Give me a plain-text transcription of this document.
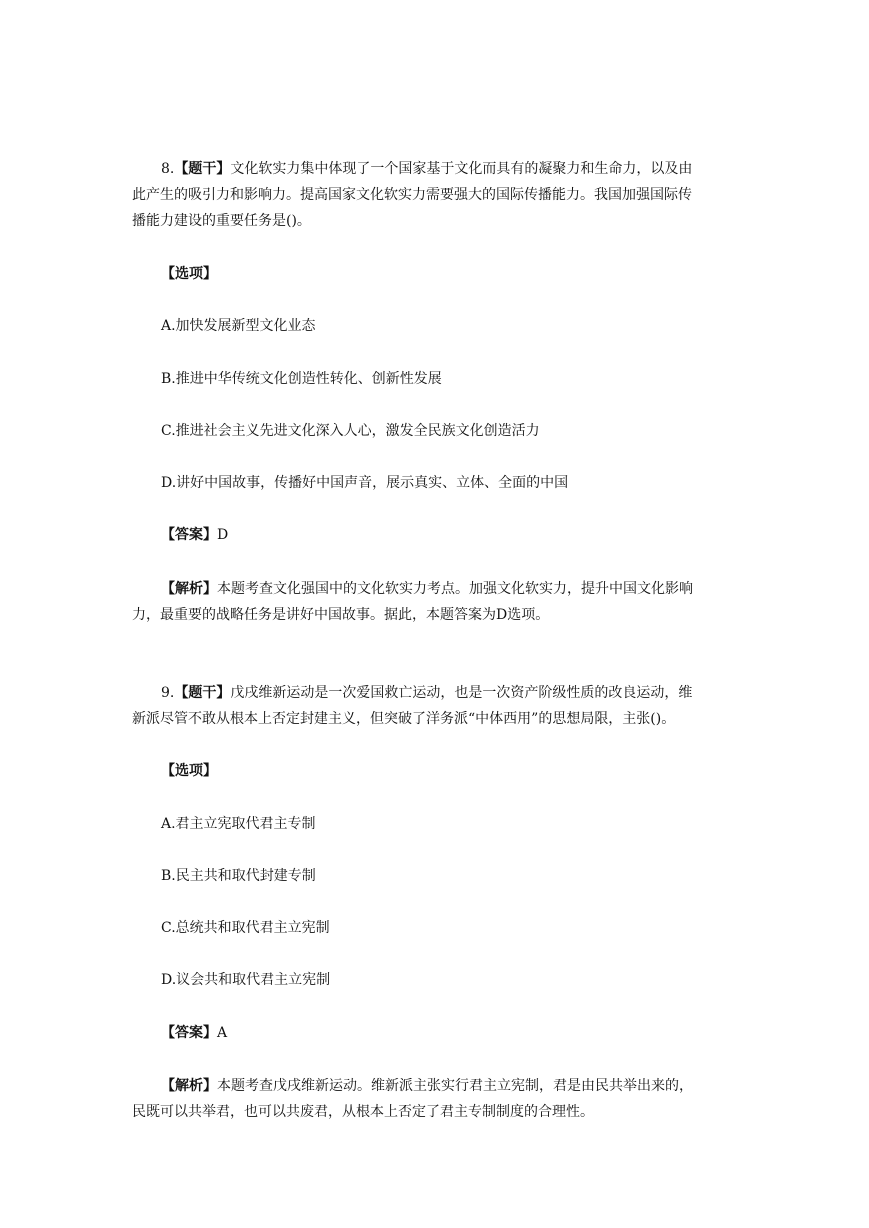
8.【题干】文化软实力集中体现了一个国家基于文化而具有的凝聚力和生命力，以及由
此产生的吸引力和影响力。提高国家文化软实力需要强大的国际传播能力。我国加强国际传
播能力建设的重要任务是()。
【选项】
A.加快发展新型文化业态
B.推进中华传统文化创造性转化、创新性发展
C.推进社会主义先进文化深入人心，激发全民族文化创造活力
D.讲好中国故事，传播好中国声音，展示真实、立体、全面的中国
【答案】D
【解析】本题考查文化强国中的文化软实力考点。加强文化软实力，提升中国文化影响
力，最重要的战略任务是讲好中国故事。据此，本题答案为D选项。
9.【题干】戊戌维新运动是一次爱国救亡运动，也是一次资产阶级性质的改良运动，维
新派尽管不敢从根本上否定封建主义，但突破了洋务派“中体西用”的思想局限，主张()。
【选项】
A.君主立宪取代君主专制
B.民主共和取代封建专制
C.总统共和取代君主立宪制
D.议会共和取代君主立宪制
【答案】A
【解析】本题考查戊戌维新运动。维新派主张实行君主立宪制，君是由民共举出来的，
民既可以共举君，也可以共废君，从根本上否定了君主专制制度的合理性。
